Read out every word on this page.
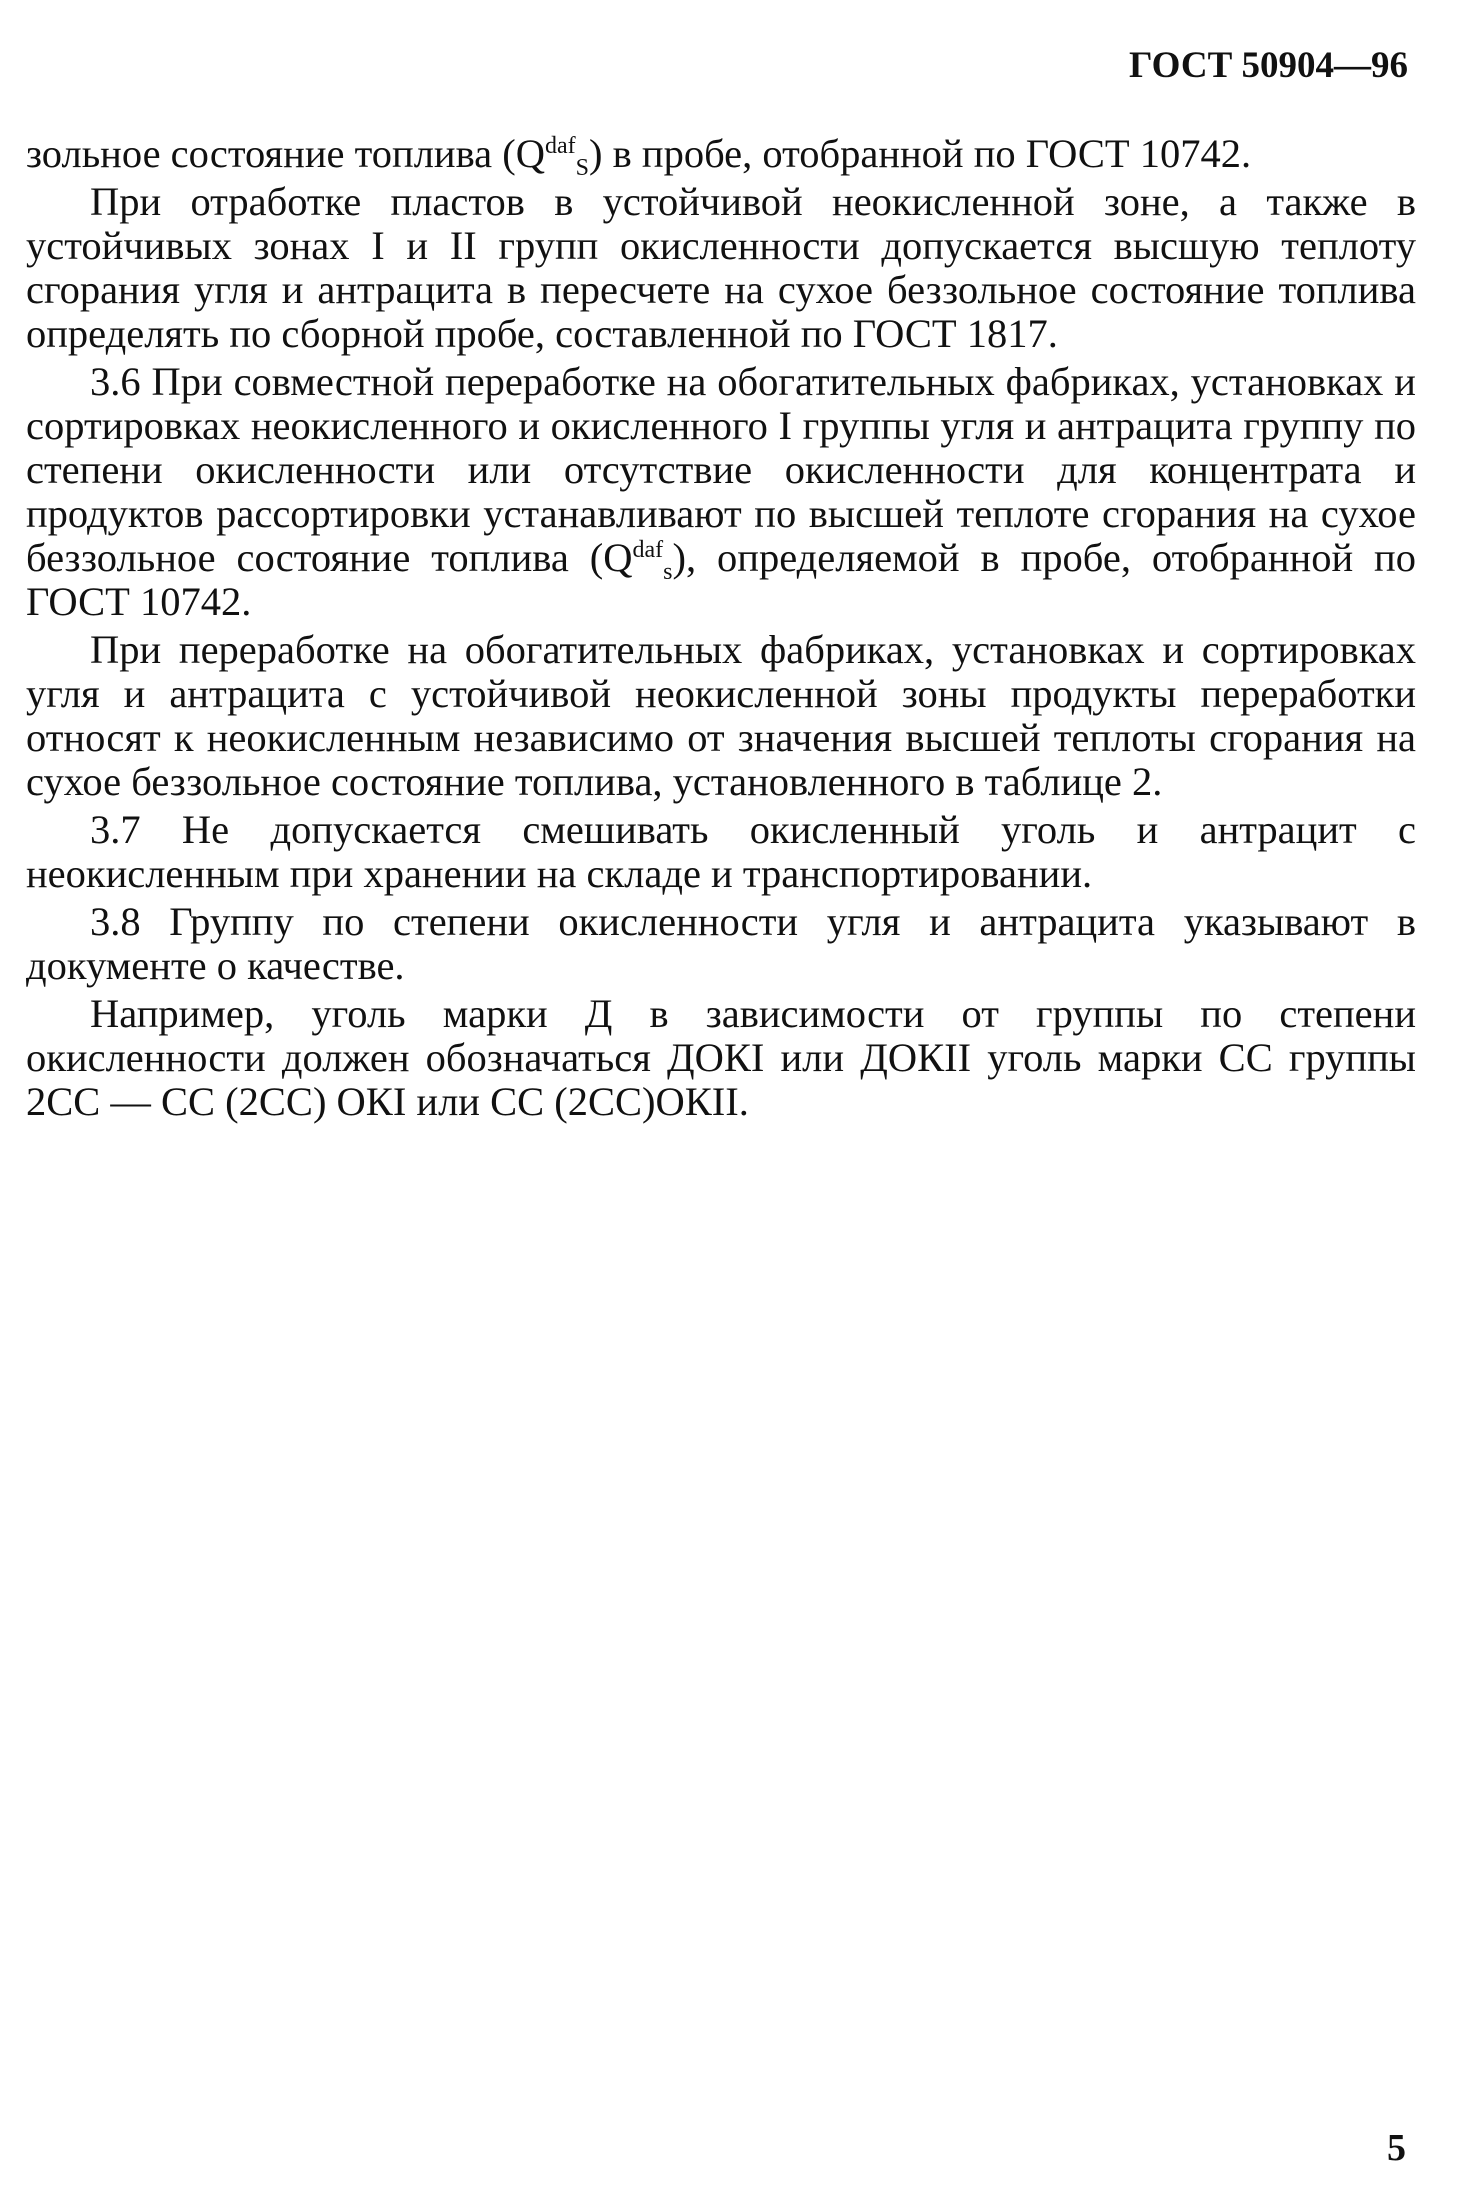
ГОСТ 50904—96

зольное состояние топлива $(Q^{daf}_S)$ в пробе, отобранной по ГОСТ 10742.

При отработке пластов в устойчивой неокисленной зоне, а также в устойчивых зонах I и II групп окисленности допускается высшую теплоту сгорания угля и антрацита в пересчете на сухое беззольное состояние топлива определять по сборной пробе, составленной по ГОСТ 1817.

3.6 При совместной переработке на обогатительных фабриках, установках и сортировках неокисленного и окисленного I группы угля и антрацита группу по степени окисленности или отсутствие окисленности для концентрата и продуктов рассортировки устанавливают по высшей теплоте сгорания на сухое беззольное состояние топлива $(Q^{daf}_s)$, определяемой в пробе, отобранной по ГОСТ 10742.

При переработке на обогатительных фабриках, установках и сортировках угля и антрацита с устойчивой неокисленной зоны продукты переработки относят к неокисленным независимо от значения высшей теплоты сгорания на сухое беззольное состояние топлива, установленного в таблице 2.

3.7 Не допускается смешивать окисленный уголь и антрацит с неокисленным при хранении на складе и транспортировании.

3.8 Группу по степени окисленности угля и антрацита указывают в документе о качестве.

Например, уголь марки Д в зависимости от группы по степени окисленности должен обозначаться ДОКI или ДОКII уголь марки СС группы 2СС — СС (2СС) ОКI или СС (2СС)ОКII.

5
